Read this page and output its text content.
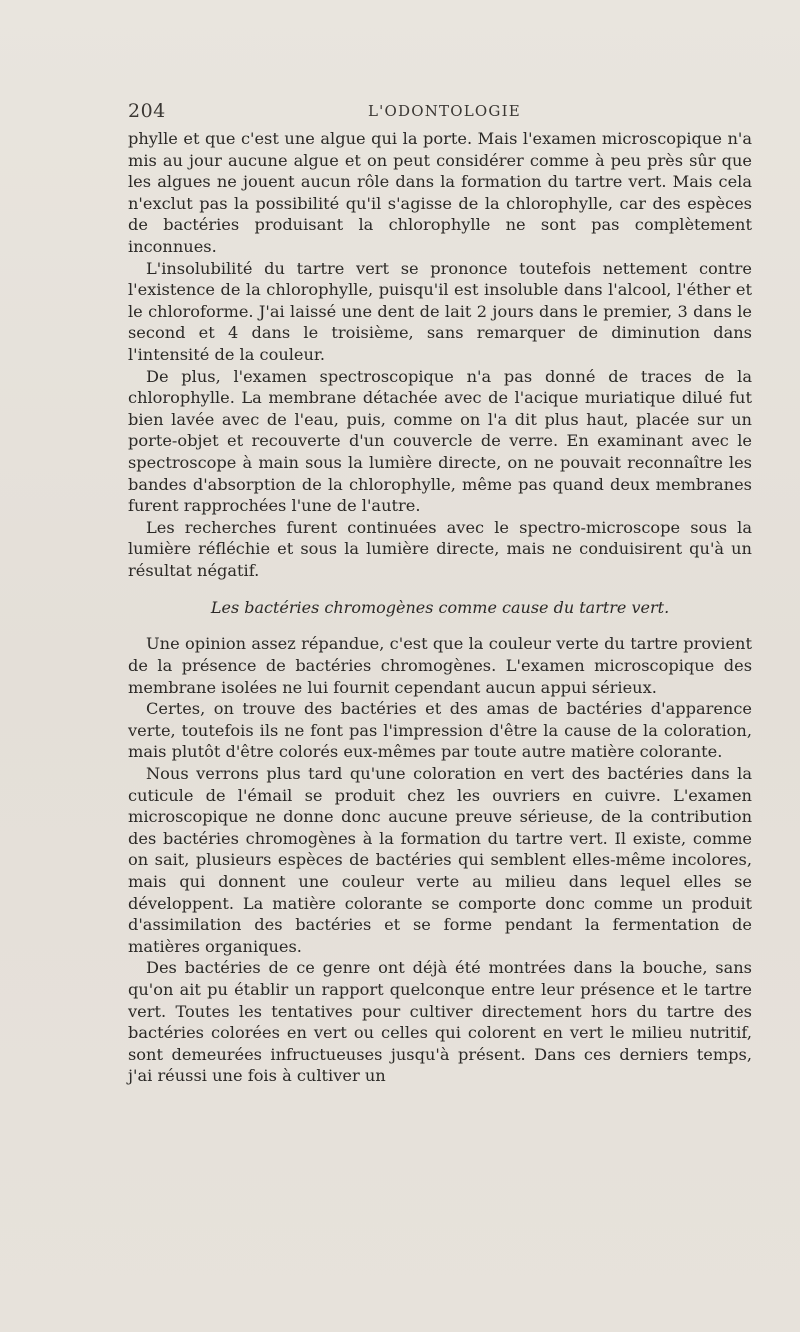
204	L'ODONTOLOGIE

phylle et que c'est une algue qui la porte. Mais l'examen microscopique n'a mis au jour aucune algue et on peut considérer comme à peu près sûr que les algues ne jouent aucun rôle dans la formation du tartre vert. Mais cela n'exclut pas la possibilité qu'il s'agisse de la chlorophylle, car des espèces de bactéries produisant la chlorophylle ne sont pas complètement inconnues.

L'insolubilité du tartre vert se prononce toutefois nettement contre l'existence de la chlorophylle, puisqu'il est insoluble dans l'alcool, l'éther et le chloroforme. J'ai laissé une dent de lait 2 jours dans le premier, 3 dans le second et 4 dans le troisième, sans remarquer de diminution dans l'intensité de la couleur.

De plus, l'examen spectroscopique n'a pas donné de traces de la chlorophylle. La membrane détachée avec de l'acique muriatique dilué fut bien lavée avec de l'eau, puis, comme on l'a dit plus haut, placée sur un porte-objet et recouverte d'un couvercle de verre. En examinant avec le spectroscope à main sous la lumière directe, on ne pouvait reconnaître les bandes d'absorption de la chlorophylle, même pas quand deux membranes furent rapprochées l'une de l'autre.

Les recherches furent continuées avec le spectro-microscope sous la lumière réfléchie et sous la lumière directe, mais ne conduisirent qu'à un résultat négatif.

Les bactéries chromogènes comme cause du tartre vert.

Une opinion assez répandue, c'est que la couleur verte du tartre provient de la présence de bactéries chromogènes. L'examen microscopique des membrane isolées ne lui fournit cependant aucun appui sérieux.

Certes, on trouve des bactéries et des amas de bactéries d'apparence verte, toutefois ils ne font pas l'impression d'être la cause de la coloration, mais plutôt d'être colorés eux-mêmes par toute autre matière colorante.

Nous verrons plus tard qu'une coloration en vert des bactéries dans la cuticule de l'émail se produit chez les ouvriers en cuivre. L'examen microscopique ne donne donc aucune preuve sérieuse, de la contribution des bactéries chromogènes à la formation du tartre vert. Il existe, comme on sait, plusieurs espèces de bactéries qui semblent elles-même incolores, mais qui donnent une couleur verte au milieu dans lequel elles se développent. La matière colorante se comporte donc comme un produit d'assimilation des bactéries et se forme pendant la fermentation de matières organiques.

Des bactéries de ce genre ont déjà été montrées dans la bouche, sans qu'on ait pu établir un rapport quelconque entre leur présence et le tartre vert. Toutes les tentatives pour cultiver directement hors du tartre des bactéries colorées en vert ou celles qui colorent en vert le milieu nutritif, sont demeurées infructueuses jusqu'à présent. Dans ces derniers temps, j'ai réussi une fois à cultiver un
